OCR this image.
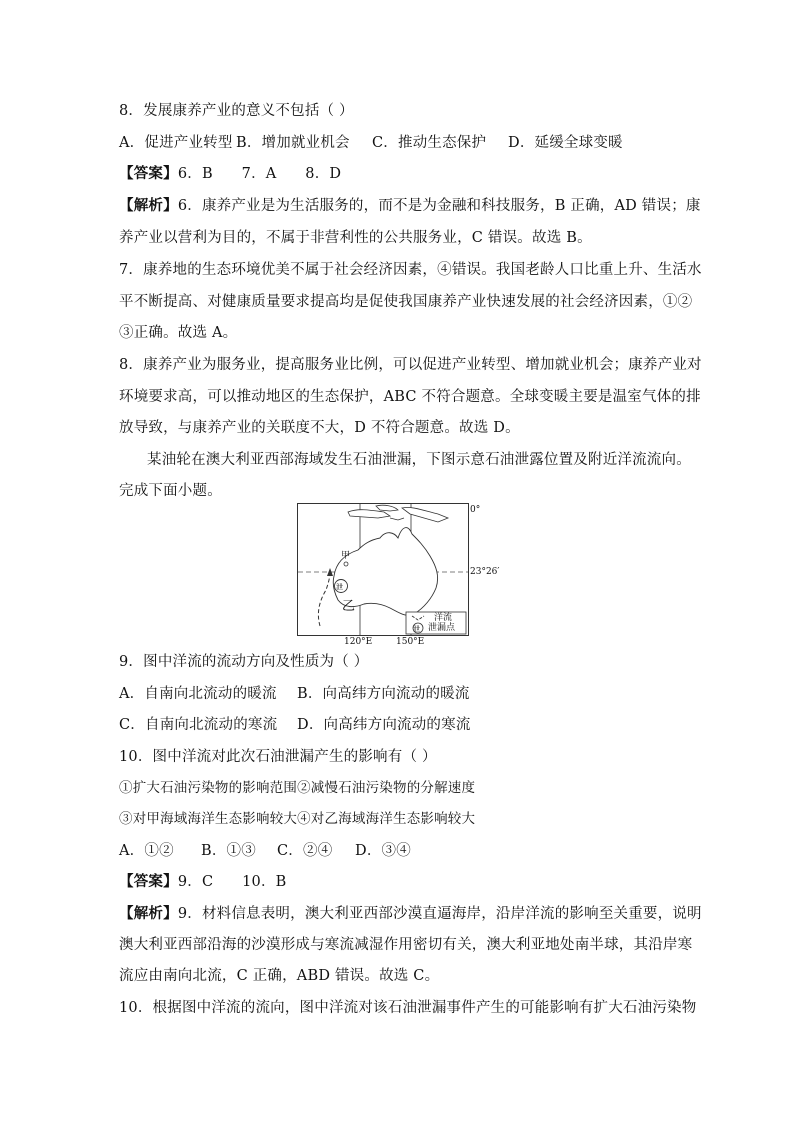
8．发展康养产业的意义不包括（ ）
A．促进产业转型 B．增加就业机会 C．推动生态保护 D．延缓全球变暖
【答案】6．B      7．A      8．D
【解析】6．康养产业是为生活服务的，而不是为金融和科技服务，B 正确，AD 错误；康
养产业以营利为目的，不属于非营利性的公共服务业，C 错误。故选 B。
7．康养地的生态环境优美不属于社会经济因素，④错误。我国老龄人口比重上升、生活水
平不断提高、对健康质量要求提高均是促使我国康养产业快速发展的社会经济因素，①②
③正确。故选 A。
8．康养产业为服务业，提高服务业比例，可以促进产业转型、增加就业机会；康养产业对
环境要求高，可以推动地区的生态保护，ABC 不符合题意。全球变暖主要是温室气体的排
放导致，与康养产业的关联度不大，D 不符合题意。故选 D。
某油轮在澳大利亚西部海域发生石油泄漏，下图示意石油泄露位置及附近洋流流向。
完成下面小题。
甲
泄
乙
泄
洋流
泄漏点
0°
23°26′
120°E	150°E
9．图中洋流的流动方向及性质为（ ）
A．自南向北流动的暖流 B．向高纬方向流动的暖流
C．自南向北流动的寒流 D．向高纬方向流动的寒流
10．图中洋流对此次石油泄漏产生的影响有（ ）
①扩大石油污染物的影响范围②减慢石油污染物的分解速度
③对甲海域海洋生态影响较大④对乙海域海洋生态影响较大
A．①② B．①③ C．②④ D．③④
【答案】9．C      10．B
【解析】9．材料信息表明，澳大利亚西部沙漠直逼海岸，沿岸洋流的影响至关重要，说明
澳大利亚西部沿海的沙漠形成与寒流减湿作用密切有关，澳大利亚地处南半球，其沿岸寒
流应由南向北流，C 正确，ABD 错误。故选 C。
10．根据图中洋流的流向，图中洋流对该石油泄漏事件产生的可能影响有扩大石油污染物
